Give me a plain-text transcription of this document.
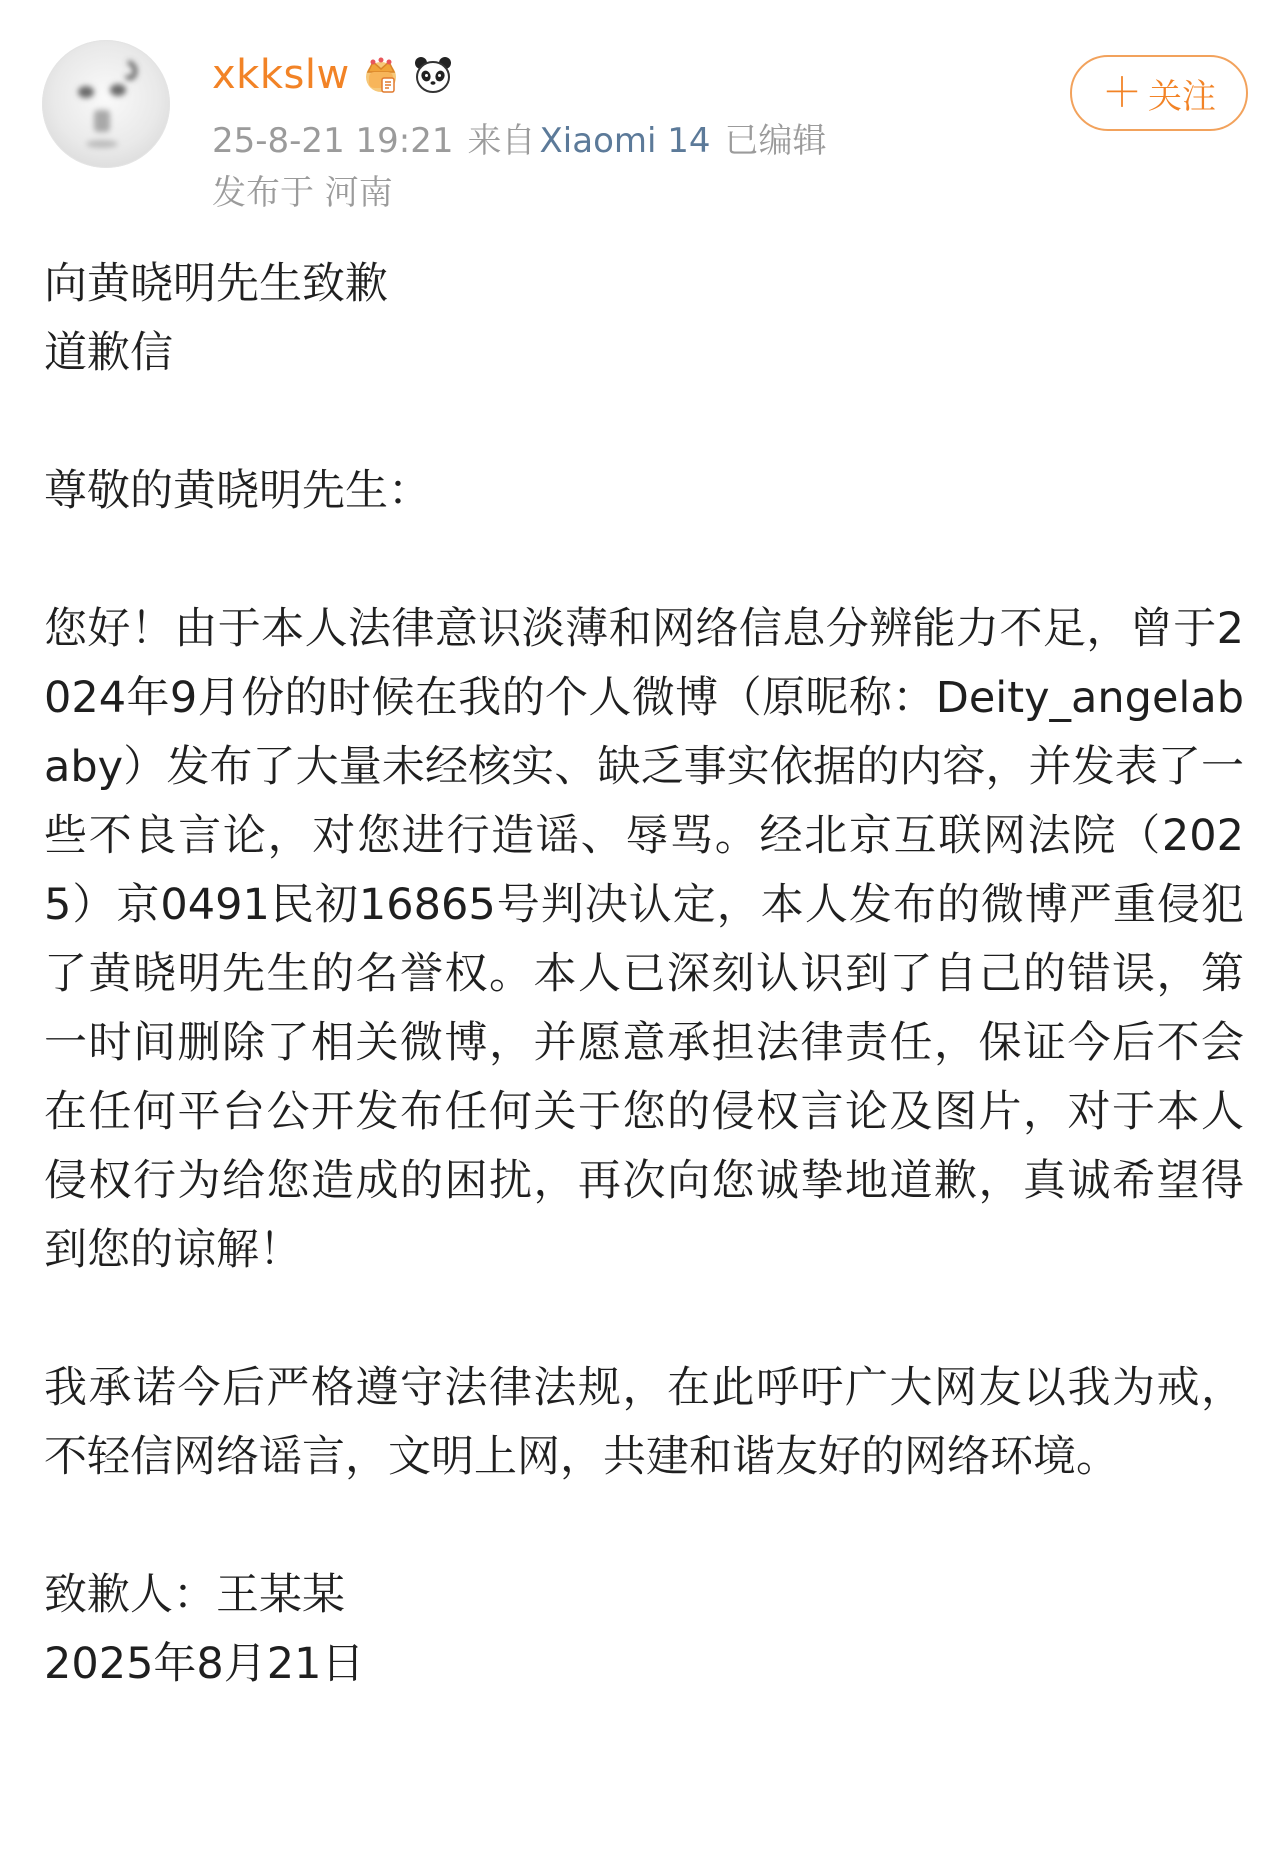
xkkslw
25-8-21 19:21 来自 Xiaomi 14 已编辑
发布于 河南
＋ 关注

向黄晓明先生致歉

道歉信

尊敬的黄晓明先生：

您好！由于本人法律意识淡薄和网络信息分辨能力不足，曾于2024年9月份的时候在我的个人微博（原昵称：Deity_angelababy）发布了大量未经核实、缺乏事实依据的内容，并发表了一些不良言论，对您进行造谣、辱骂。经北京互联网法院（2025）京0491民初16865号判决认定，本人发布的微博严重侵犯了黄晓明先生的名誉权。本人已深刻认识到了自己的错误，第一时间删除了相关微博，并愿意承担法律责任，保证今后不会在任何平台公开发布任何关于您的侵权言论及图片，对于本人侵权行为给您造成的困扰，再次向您诚挚地道歉，真诚希望得到您的谅解！

我承诺今后严格遵守法律法规，在此呼吁广大网友以我为戒，不轻信网络谣言，文明上网，共建和谐友好的网络环境。

致歉人：王某某

2025年8月21日
